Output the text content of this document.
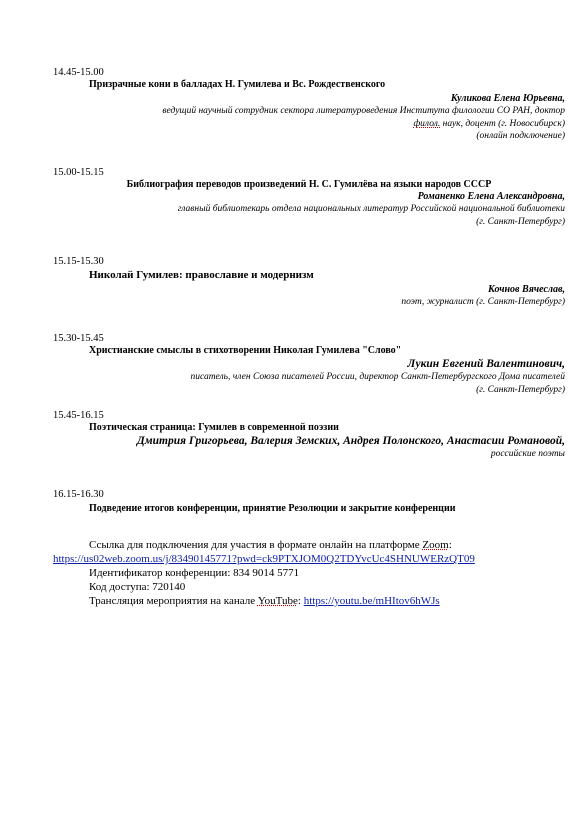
14.45-15.00

Призрачные кони в балладах Н. Гумилева и Вс. Рождественского

Куликова Елена Юрьевна,

ведущий научный сотрудник сектора литературоведения Института филологии СО РАН, доктор

филол. наук, доцент (г. Новосибирск)

(онлайн подключение)

15.00-15.15

Библиография переводов произведений Н. С. Гумилёва на языки народов СССР

Романенко Елена Александровна,

главный библиотекарь отдела национальных литератур Российской национальной библиотеки

(г. Санкт-Петербург)

15.15-15.30

Николай Гумилев: православие и модернизм

Кочнов Вячеслав,

поэт, журналист (г. Санкт-Петербург)

15.30-15.45

Христианские смыслы в стихотворении Николая Гумилева "Слово"

Лукин Евгений Валентинович,

писатель, член Союза писателей России, директор Санкт-Петербургского Дома писателей

(г. Санкт-Петербург)

15.45-16.15

Поэтическая страница: Гумилев в современной поэзии

Дмитрия Григорьева, Валерия Земских, Андрея Полонского, Анастасии Романовой,

российские поэты

16.15-16.30

Подведение итогов конференции, принятие Резолюции и закрытие конференции

Ссылка для подключения для участия в формате онлайн на платформе Zoom:

https://us02web.zoom.us/j/83490145771?pwd=ck9PTXJOM0Q2TDYvcUc4SHNUWERzQT09

Идентификатор конференции: 834 9014 5771

Код доступа: 720140

Трансляция мероприятия на канале YouTube: https://youtu.be/mHItov6hWJs
